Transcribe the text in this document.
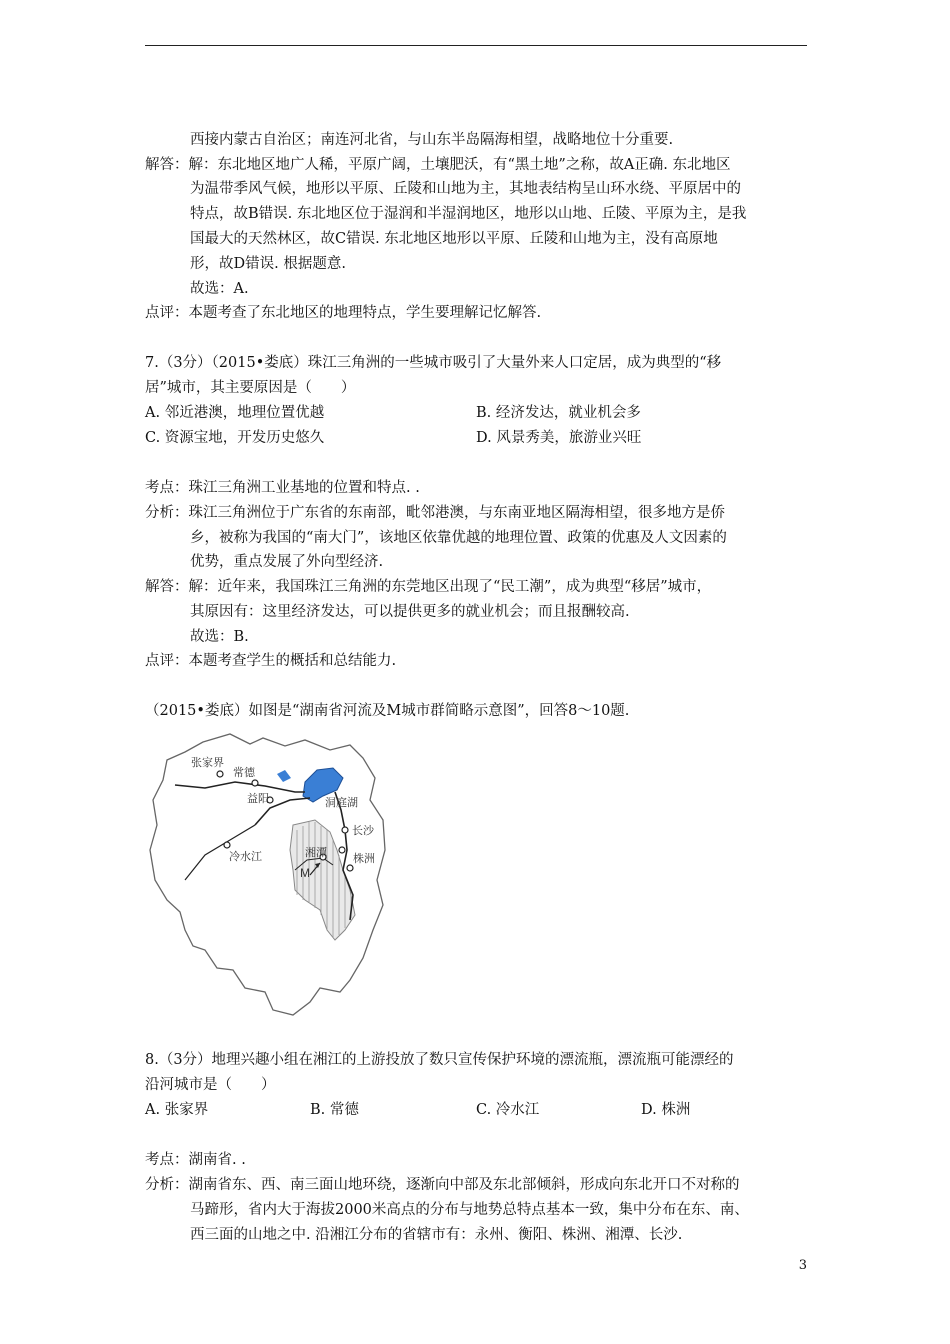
西接内蒙古自治区；南连河北省，与山东半岛隔海相望，战略地位十分重要.
解答：解：东北地区地广人稀，平原广阔，土壤肥沃，有“黑土地”之称，故A正确. 东北地区
为温带季风气候，地形以平原、丘陵和山地为主，其地表结构呈山环水绕、平原居中的
特点，故B错误. 东北地区位于湿润和半湿润地区，地形以山地、丘陵、平原为主，是我
国最大的天然林区，故C错误. 东北地区地形以平原、丘陵和山地为主，没有高原地
形，故D错误. 根据题意.
故选：A.
点评：本题考查了东北地区的地理特点，学生要理解记忆解答.
7.（3分）（2015•娄底）珠江三角洲的一些城市吸引了大量外来人口定居，成为典型的“移
居”城市，其主要原因是（　　）
A. 邻近港澳，地理位置优越	B. 经济发达，就业机会多
C. 资源宝地，开发历史悠久	D. 风景秀美，旅游业兴旺
考点：珠江三角洲工业基地的位置和特点. .
分析：珠江三角洲位于广东省的东南部，毗邻港澳，与东南亚地区隔海相望，很多地方是侨
乡，被称为我国的“南大门”，该地区依靠优越的地理位置、政策的优惠及人文因素的
优势，重点发展了外向型经济.
解答：解：近年来，我国珠江三角洲的东莞地区出现了“民工潮”，成为典型“移居”城市，
其原因有：这里经济发达，可以提供更多的就业机会；而且报酬较高.
故选：B.
点评：本题考查学生的概括和总结能力.
（2015•娄底）如图是“湖南省河流及M城市群简略示意图”，回答8～10题.
张家界
常德
益阳	洞庭湖
长沙
冷水江	湘潭 株洲
M
8.（3分）地理兴趣小组在湘江的上游投放了数只宣传保护环境的漂流瓶，漂流瓶可能漂经的
沿河城市是（　　）
A. 张家界	B. 常德	C. 冷水江	D. 株洲
考点：湖南省. .
分析：湖南省东、西、南三面山地环绕，逐渐向中部及东北部倾斜，形成向东北开口不对称的
马蹄形，省内大于海拔2000米高点的分布与地势总特点基本一致，集中分布在东、南、
西三面的山地之中. 沿湘江分布的省辖市有：永州、衡阳、株洲、湘潭、长沙.
3
